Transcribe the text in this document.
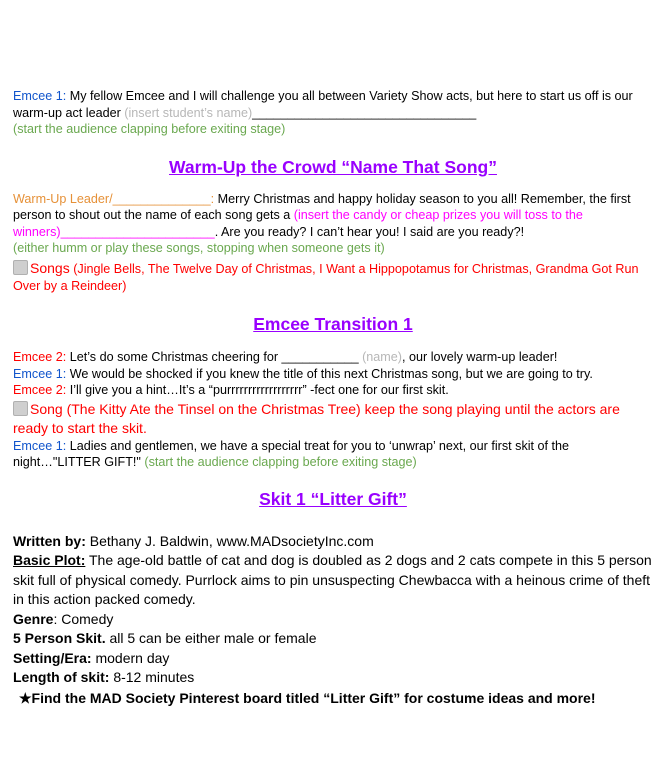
Emcee 1: My fellow Emcee and I will challenge you all between Variety Show acts, but here to start us off is our warm-up act leader (insert student’s name)________________________________

(start the audience clapping before exiting stage)

Warm-Up the Crowd “Name That Song”

Warm-Up Leader/______________: Merry Christmas and happy holiday season to you all! Remember, the first person to shout out the name of each song gets a (insert the candy or cheap prizes you will toss to the winners)______________________. Are you ready? I can’t hear you! I said are you ready?!

(either humm or play these songs, stopping when someone gets it)

Songs (Jingle Bells, The Twelve Day of Christmas, I Want a Hippopotamus for Christmas, Grandma Got Run Over by a Reindeer)

Emcee Transition 1

Emcee 2: Let’s do some Christmas cheering for ___________ (name), our lovely warm-up leader!

Emcee 1: We would be shocked if you knew the title of this next Christmas song, but we are going to try.

Emcee 2: I’ll give you a hint…It’s a “purrrrrrrrrrrrrrrrrr” -fect one for our first skit.

Song (The Kitty Ate the Tinsel on the Christmas Tree) keep the song playing until the actors are ready to start the skit.

Emcee 1: Ladies and gentlemen, we have a special treat for you to ‘unwrap’ next, our first skit of the night…"LITTER GIFT!" (start the audience clapping before exiting stage)

Skit 1 “Litter Gift”

Written by: Bethany J. Baldwin, www.MADsocietyInc.com

Basic Plot: The age-old battle of cat and dog is doubled as 2 dogs and 2 cats compete in this 5 person skit full of physical comedy. Purrlock aims to pin unsuspecting Chewbacca with a heinous crime of theft in this action packed comedy.

Genre: Comedy

5 Person Skit. all 5 can be either male or female

Setting/Era: modern day

Length of skit: 8-12 minutes

★Find the MAD Society Pinterest board titled “Litter Gift” for costume ideas and more!
